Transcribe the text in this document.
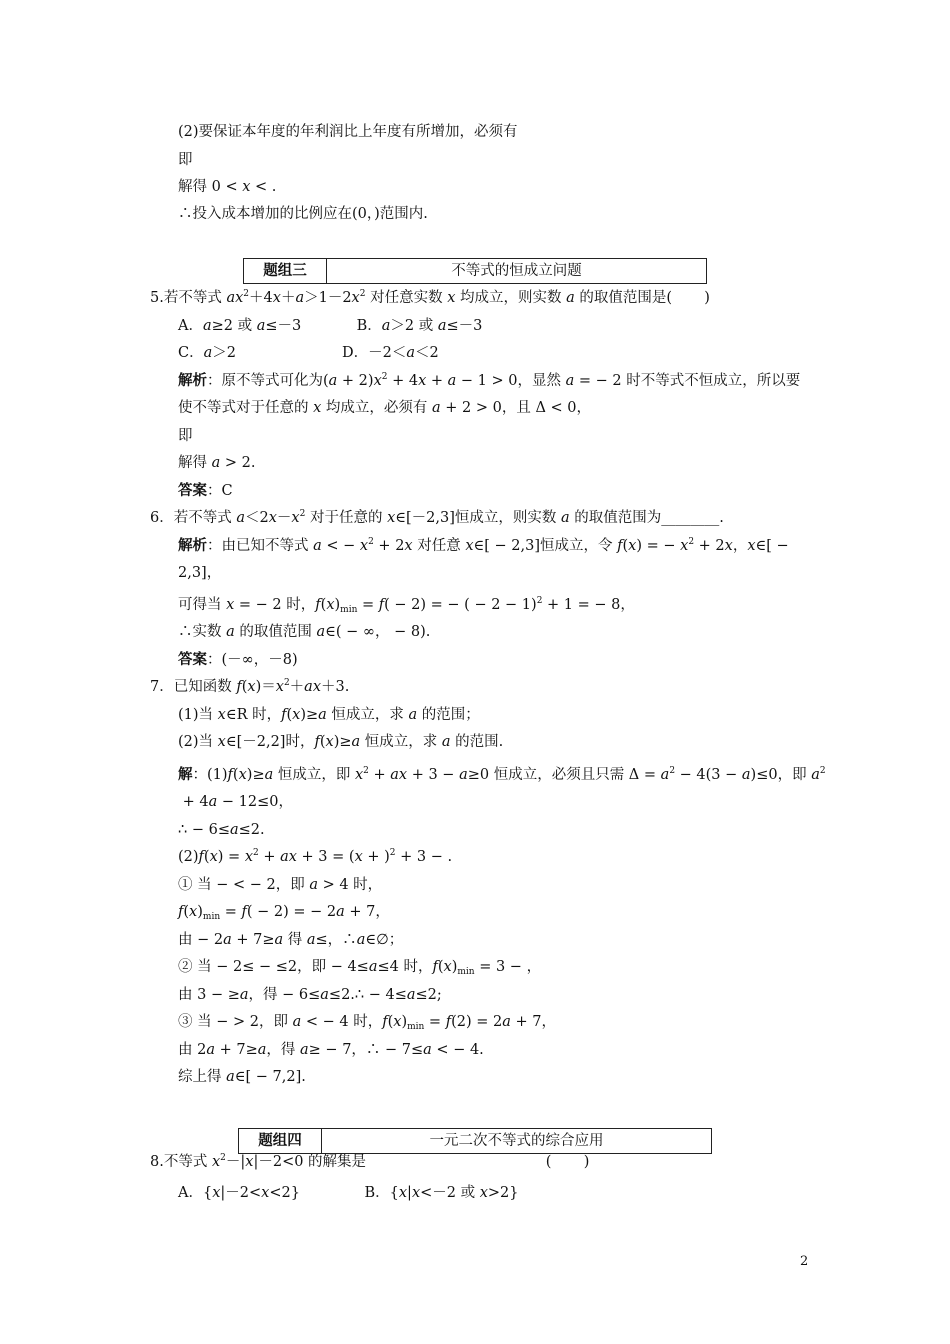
(2)要保证本年度的年利润比上年度有所增加，必须有
即
解得 0 < x < .
∴投入成本增加的比例应在(0，)范围内.
5.若不等式 $ax^2+4x+a>1-2x^2$ 对任意实数 x 均成立，则实数 a 的取值范围是(       )
A．a≥2 或 a≤－3            B．a＞2 或 a≤－3
C．a＞2                       D．－2＜a＜2
解析：原不等式可化为$(a + 2)x^2 + 4x + a - 1 > 0$，显然 a = − 2 时不等式不恒成立，所以要
使不等式对于任意的 x 均成立，必须有 a + 2 > 0，且 Δ < 0，
即
解得 a > 2.
答案：C
6．若不等式 $a<2x-x^2$ 对于任意的 x∈[－2,3]恒成立，则实数 a 的取值范围为________.
解析：由已知不等式 a < − $x^2 + 2x$ 对任意 x∈[ − 2,3]恒成立，令 f(x) = − $x^2 + 2x$，x∈[ −
2,3]，
可得当 x = − 2 时，$f(x)_{min} = f( - 2)$ = − ( − 2 − 1)$^2$ + 1 = − 8，
∴实数 a 的取值范围 a∈( − ∞， − 8).
答案：(－∞，－8)
7．已知函数 $f(x)=x^2+ax+3$.
(1)当 x∈R 时，f(x)≥a 恒成立，求 a 的范围；
(2)当 x∈[－2,2]时，f(x)≥a 恒成立，求 a 的范围.
解：(1)f(x)≥a 恒成立，即 $x^2$ + ax + 3 − a≥0 恒成立，必须且只需 $\Delta = a^2 - 4(3 - a)\le 0$，即 $a^2$
+ 4a − 12≤0，
∴ − 6≤a≤2.
$(2)f(x) = x^2$ + ax + $3 = (x + )^2 + 3$ − .
① 当 − < − 2，即 a > 4 时，
$f(x)_{min} = f( - 2)$ = − 2a + 7，
由 − 2a + 7≥a 得 a≤，∴a∈∅；
② 当 − 2≤ − ≤2，即 − 4≤a≤4 时，$f(x)_{min} = 3$ − ，
由 3 − ≥a，得 − 6≤a≤2.∴ − 4≤a≤2;
③ 当 − > 2，即 a < − 4 时，$f(x)_{min} = f(2) = 2a + 7$，
由 2a + 7≥a，得 a≥ − 7，∴ − 7≤a < − 4.
综上得 a∈[ − 7,2].
8.不等式 $x^2-|x|-2<0$ 的解集是                                       (       )
A．{x|－2<x<2}              B．{x|x<－2 或 x>2}
题组三	不等式的恒成立问题
题组四	一元二次不等式的综合应用
2
